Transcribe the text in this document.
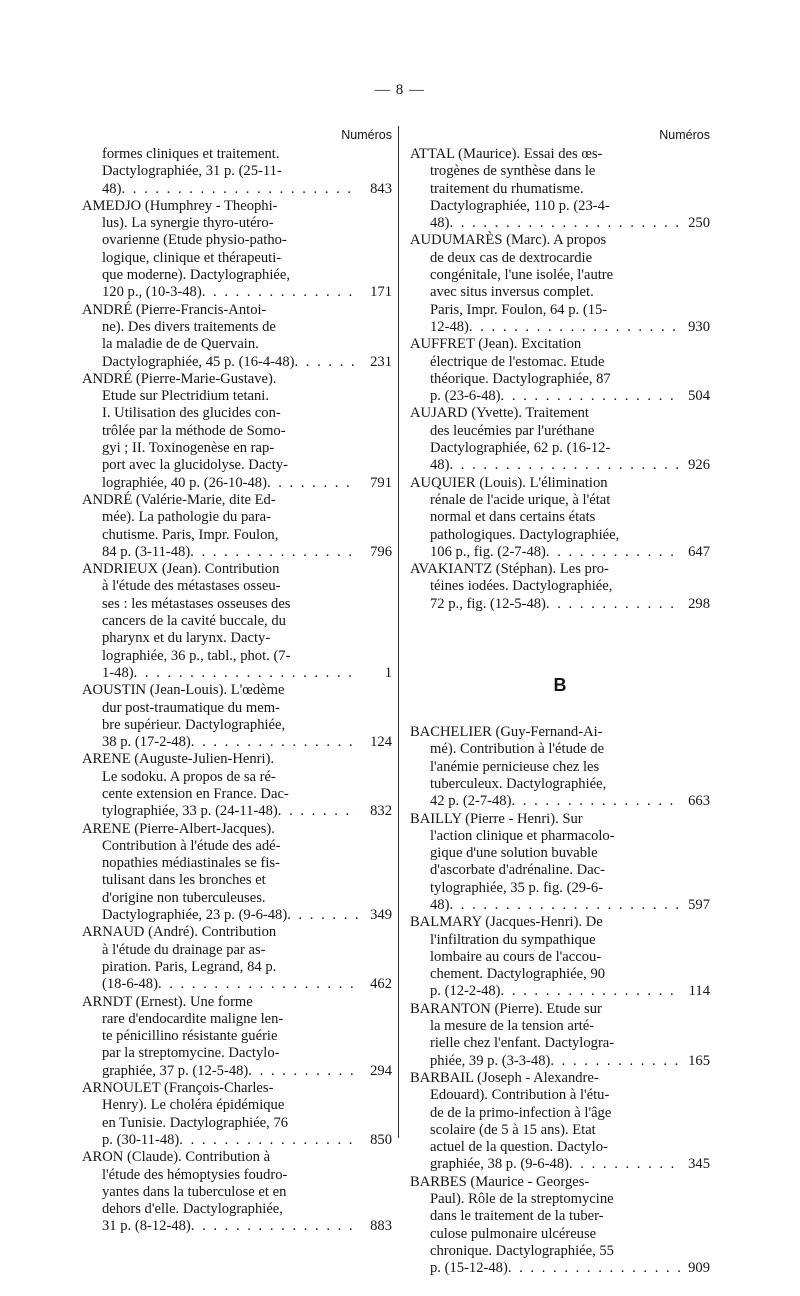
— 8 —
Numéros
formes cliniques et traitement.
Dactylographiée, 31 p. (25-11-
48) . . .	843
AMEDJO (Humphrey - Theophi-
lus). La synergie thyro-utéro-
ovarienne (Etude physio-patho-
logique, clinique et thérapeuti-
que moderne). Dactylographiée,
120 p., (10-3-48) . . .	171
ANDRÉ (Pierre-Francis-Antoi-
ne). Des divers traitements de
la maladie de de Quervain.
Dactylographiée, 45 p. (16-4-48) . . .	231
ANDRÉ (Pierre-Marie-Gustave).
Etude sur Plectridium tetani.
I. Utilisation des glucides con-
trôlée par la méthode de Somo-
gyi ; II. Toxinogenèse en rap-
port avec la glucidolyse. Dacty-
lographiée, 40 p. (26-10-48) . . .	791
ANDRÉ (Valérie-Marie, dite Ed-
mée). La pathologie du para-
chutisme. Paris, Impr. Foulon,
84 p. (3-11-48) . . .	796
ANDRIEUX (Jean). Contribution
à l'étude des métastases osseu-
ses : les métastases osseuses des
cancers de la cavité buccale, du
pharynx et du larynx. Dacty-
lographiée, 36 p., tabl., phot. (7-
1-48) . . .	1
AOUSTIN (Jean-Louis). L'œdème
dur post-traumatique du mem-
bre supérieur. Dactylographiée,
38 p. (17-2-48) . . .	124
ARENE (Auguste-Julien-Henri).
Le sodoku. A propos de sa ré-
cente extension en France. Dac-
tylographiée, 33 p. (24-11-48) . . .	832
ARENE (Pierre-Albert-Jacques).
Contribution à l'étude des adé-
nopathies médiastinales se fis-
tulisant dans les bronches et
d'origine non tuberculeuses.
Dactylographiée, 23 p. (9-6-48) . . .	349
ARNAUD (André). Contribution
à l'étude du drainage par as-
piration. Paris, Legrand, 84 p.
(18-6-48) . . .	462
ARNDT (Ernest). Une forme
rare d'endocardite maligne len-
te pénicillino résistante guérie
par la streptomycine. Dactylo-
graphiée, 37 p. (12-5-48) . . .	294
ARNOULET (François-Charles-
Henry). Le choléra épidémique
en Tunisie. Dactylographiée, 76
p. (30-11-48) . . .	850
ARON (Claude). Contribution à
l'étude des hémoptysies foudro-
yantes dans la tuberculose et en
dehors d'elle. Dactylographiée,
31 p. (8-12-48) . . .	883
Numéros
ATTAL (Maurice). Essai des œs-
trogènes de synthèse dans le
traitement du rhumatisme.
Dactylographiée, 110 p. (23-4-
48) . . .	250
AUDUMARÈS (Marc). A propos
de deux cas de dextrocardie
congénitale, l'une isolée, l'autre
avec situs inversus complet.
Paris, Impr. Foulon, 64 p. (15-
12-48) . . .	930
AUFFRET (Jean). Excitation
électrique de l'estomac. Etude
théorique. Dactylographiée, 87
p. (23-6-48) . . .	504
AUJARD (Yvette). Traitement
des leucémies par l'uréthane
Dactylographiée, 62 p. (16-12-
48) . . .	926
AUQUIER (Louis). L'élimination
rénale de l'acide urique, à l'état
normal et dans certains états
pathologiques. Dactylographiée,
106 p., fig. (2-7-48) . . .	647
AVAKIANTZ (Stéphan). Les pro-
téines iodées. Dactylographiée,
72 p., fig. (12-5-48) . . .	298
B
BACHELIER (Guy-Fernand-Ai-
mé). Contribution à l'étude de
l'anémie pernicieuse chez les
tuberculeux. Dactylographiée,
42 p. (2-7-48) . . .	663
BAILLY (Pierre - Henri). Sur
l'action clinique et pharmacolo-
gique d'une solution buvable
d'ascorbate d'adrénaline. Dac-
tylographiée, 35 p. fig. (29-6-
48) . . .	597
BALMARY (Jacques-Henri). De
l'infiltration du sympathique
lombaire au cours de l'accou-
chement. Dactylographiée, 90
p. (12-2-48) . . .	114
BARANTON (Pierre). Etude sur
la mesure de la tension arté-
rielle chez l'enfant. Dactylogra-
phiée, 39 p. (3-3-48) . . .	165
BARBAIL (Joseph - Alexandre-
Edouard). Contribution à l'étu-
de de la primo-infection à l'âge
scolaire (de 5 à 15 ans). Etat
actuel de la question. Dactylo-
graphiée, 38 p. (9-6-48) . . .	345
BARBES (Maurice - Georges-
Paul). Rôle de la streptomycine
dans le traitement de la tuber-
culose pulmonaire ulcéreuse
chronique. Dactylographiée, 55
p. (15-12-48) . . .	909
